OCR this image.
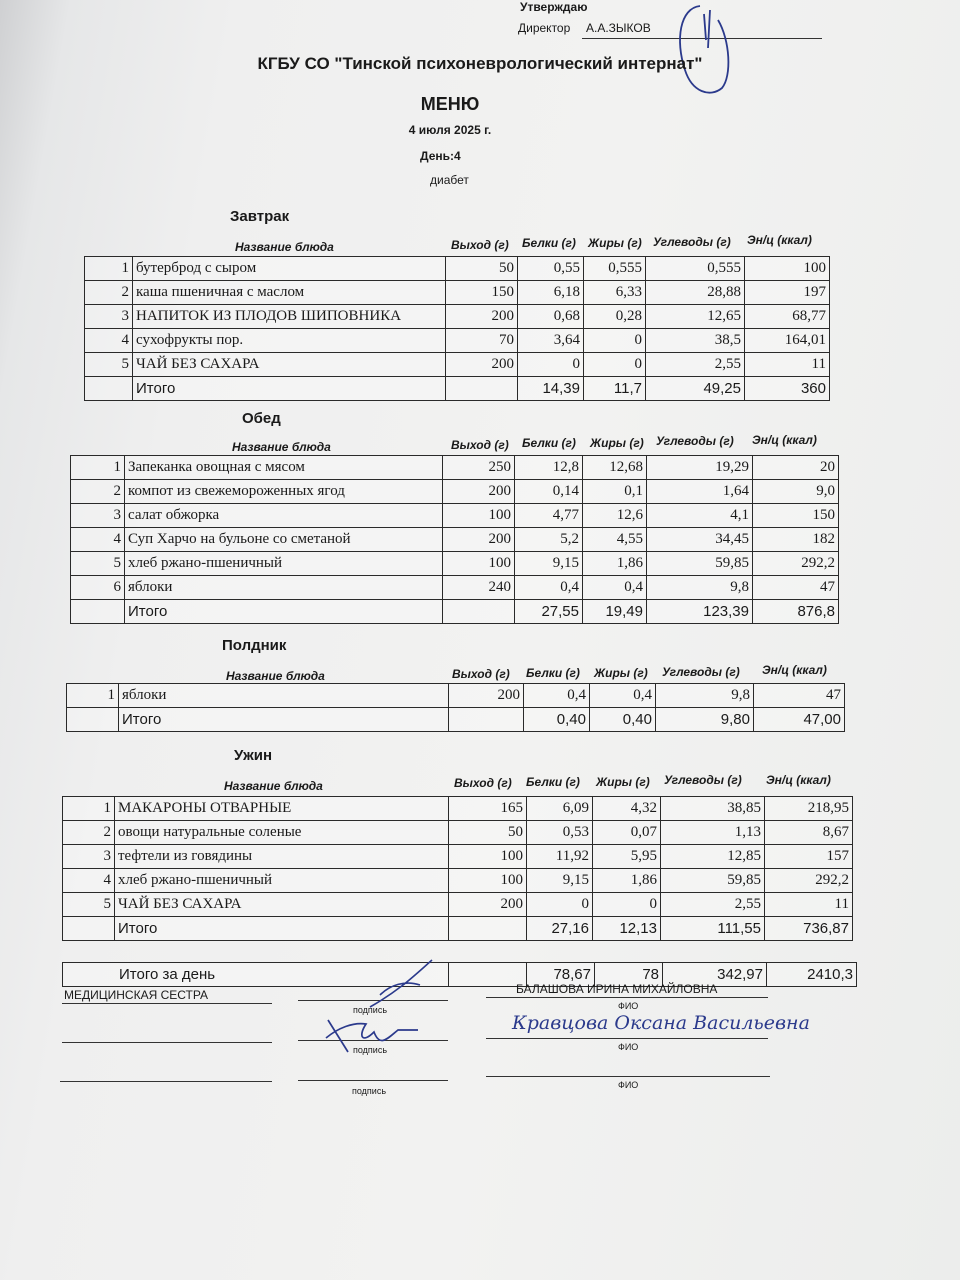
Утверждаю
Директор А.А.ЗЫКОВ
КГБУ СО "Тинской психоневрологический интернат"
МЕНЮ
4 июля 2025 г.
День:4
диабет
Завтрак
Название блюда	Выход (г) Белки (г) Жиры (г) Углеводы (г) Эн/ц (ккал)
1	бутерброд с сыром	50	0,55	0,555	0,555	100
2	каша пшеничная с маслом	150	6,18	6,33	28,88	197
3	НАПИТОК ИЗ ПЛОДОВ ШИПОВНИКА	200	0,68	0,28	12,65	68,77
4	сухофрукты пор.	70	3,64	0	38,5	164,01
5	ЧАЙ БЕЗ САХАРА	200	0	0	2,55	11
	Итого		14,39	11,7	49,25	360
Обед
Название блюда	Выход (г) Белки (г) Жиры (г) Углеводы (г) Эн/ц (ккал)
1	Запеканка овощная с мясом	250	12,8	12,68	19,29	20
2	компот из свежемороженных ягод	200	0,14	0,1	1,64	9,0
3	салат обжорка	100	4,77	12,6	4,1	150
4	Суп Харчо на бульоне со сметаной	200	5,2	4,55	34,45	182
5	хлеб ржано-пшеничный	100	9,15	1,86	59,85	292,2
6	яблоки	240	0,4	0,4	9,8	47
	Итого		27,55	19,49	123,39	876,8
Полдник
Название блюда	Выход (г) Белки (г) Жиры (г) Углеводы (г) Эн/ц (ккал)
1	яблоки	200	0,4	0,4	9,8	47
	Итого		0,40	0,40	9,80	47,00
Ужин
Название блюда	Выход (г) Белки (г) Жиры (г) Углеводы (г) Эн/ц (ккал)
1	МАКАРОНЫ ОТВАРНЫЕ	165	6,09	4,32	38,85	218,95
2	овощи натуральные соленые	50	0,53	0,07	1,13	8,67
3	тефтели из говядины	100	11,92	5,95	12,85	157
4	хлеб ржано-пшеничный	100	9,15	1,86	59,85	292,2
5	ЧАЙ БЕЗ САХАРА	200	0	0	2,55	11
	Итого		27,16	12,13	111,55	736,87
Итого за день		78,67	78	342,97	2410,3
МЕДИЦИНСКАЯ СЕСТРА
подпись
БАЛАШОВА ИРИНА МИХАЙЛОВНА
ФИО
подпись
Кравцова Оксана Васильевна
ФИО
подпись
ФИО
